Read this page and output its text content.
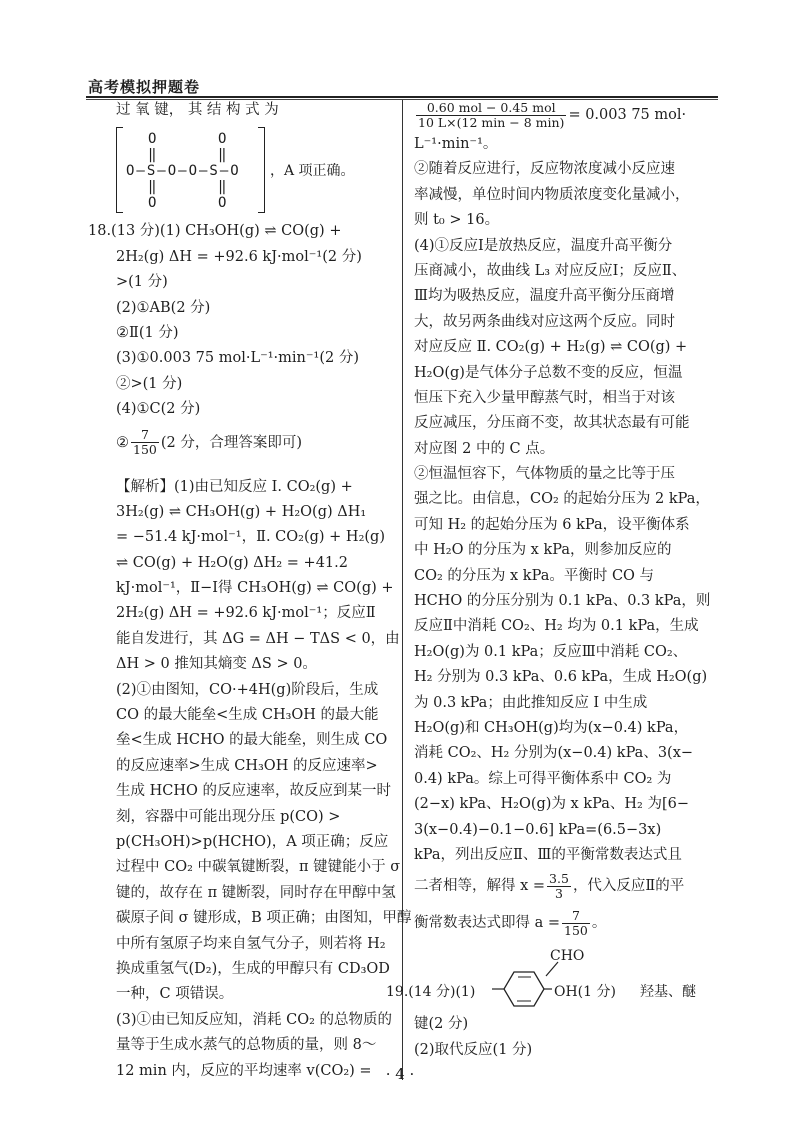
高考模拟押题卷
过 氧 键， 其 结 构 式 为
O	O
‖	‖
O—S—O—O—S—O
‖	‖
O	O
，A 项正确。
18.(13 分)(1) CH₃OH(g) ⇌ CO(g) +
2H₂(g) ΔH = +92.6 kJ·mol⁻¹(2 分)
>(1 分)
(2)①AB(2 分)
②Ⅱ(1 分)
(3)①0.003 75 mol·L⁻¹·min⁻¹(2 分)
②>(1 分)
(4)①C(2 分)
② $\frac{7}{150} (2$ 分，合理答案即可)
【解析】(1)由已知反应 Ⅰ. CO₂(g) +
3H₂(g) ⇌ CH₃OH(g) + H₂O(g) ΔH₁
= −51.4 kJ·mol⁻¹，Ⅱ. CO₂(g) + H₂(g)
⇌ CO(g) + H₂O(g) ΔH₂ = +41.2
kJ·mol⁻¹，Ⅱ−Ⅰ得 CH₃OH(g) ⇌ CO(g) +
2H₂(g) ΔH = +92.6 kJ·mol⁻¹；反应Ⅱ
能自发进行，其 ΔG = ΔH − TΔS < 0，由
ΔH > 0 推知其熵变 ΔS > 0。
(2)①由图知，CO·+4H(g)阶段后，生成
CO 的最大能垒<生成 CH₃OH 的最大能
垒<生成 HCHO 的最大能垒，则生成 CO
的反应速率>生成 CH₃OH 的反应速率>
生成 HCHO 的反应速率，故反应到某一时
刻，容器中可能出现分压 p(CO) >
p(CH₃OH)>p(HCHO)，A 项正确；反应
过程中 CO₂ 中碳氧键断裂，π 键键能小于 σ
键的，故存在 π 键断裂，同时存在甲醇中氢
碳原子间 σ 键形成，B 项正确；由图知，甲醇
中所有氢原子均来自氢气分子，则若将 H₂
换成重氢气(D₂)，生成的甲醇只有 CD₃OD
一种，C 项错误。
(3)①由已知反应知，消耗 CO₂ 的总物质的
量等于生成水蒸气的总物质的量，则 8～
12 min 内，反应的平均速率 v(CO₂) =
$\frac{\text{0.60 mol − 0.45 mol}}{10 L\times(12 \min - 8 \min)} = 0.003$ 75 mol·
L⁻¹·min⁻¹。
②随着反应进行，反应物浓度减小反应速
率减慢，单位时间内物质浓度变化量减小，
则 t₀ > 16。
(4)①反应Ⅰ是放热反应，温度升高平衡分
压商减小，故曲线 L₃ 对应反应Ⅰ；反应Ⅱ、
Ⅲ均为吸热反应，温度升高平衡分压商增
大，故另两条曲线对应这两个反应。同时
对应反应 Ⅱ. CO₂(g) + H₂(g) ⇌ CO(g) +
H₂O(g)是气体分子总数不变的反应，恒温
恒压下充入少量甲醇蒸气时，相当于对该
反应减压，分压商不变，故其状态最有可能
对应图 2 中的 C 点。
②恒温恒容下，气体物质的量之比等于压
强之比。由信息，CO₂ 的起始分压为 2 kPa，
可知 H₂ 的起始分压为 6 kPa，设平衡体系
中 H₂O 的分压为 x kPa，则参加反应的
CO₂ 的分压为 x kPa。平衡时 CO 与
HCHO 的分压分别为 0.1 kPa、0.3 kPa，则
反应Ⅱ中消耗 CO₂、H₂ 均为 0.1 kPa，生成
H₂O(g)为 0.1 kPa；反应Ⅲ中消耗 CO₂、
H₂ 分别为 0.3 kPa、0.6 kPa，生成 H₂O(g)
为 0.3 kPa；由此推知反应 Ⅰ 中生成
H₂O(g)和 CH₃OH(g)均为(x−0.4) kPa，
消耗 CO₂、H₂ 分别为(x−0.4) kPa、3(x−
0.4) kPa。综上可得平衡体系中 CO₂ 为
(2−x) kPa、H₂O(g)为 x kPa、H₂ 为[6−
3(x−0.4)−0.1−0.6] kPa=(6.5−3x)
kPa，列出反应Ⅱ、Ⅲ的平衡常数表达式且
二者相等，解得 $x = \frac{3.5}{3}$ ，代入反应Ⅱ的平
衡常数表达式即得 $a = \frac{7}{150}$ 。
CHO
19.(14 分)(1)	OH(1 分) 羟基、醚
键(2 分)
(2)取代反应(1 分)
· 4 ·
